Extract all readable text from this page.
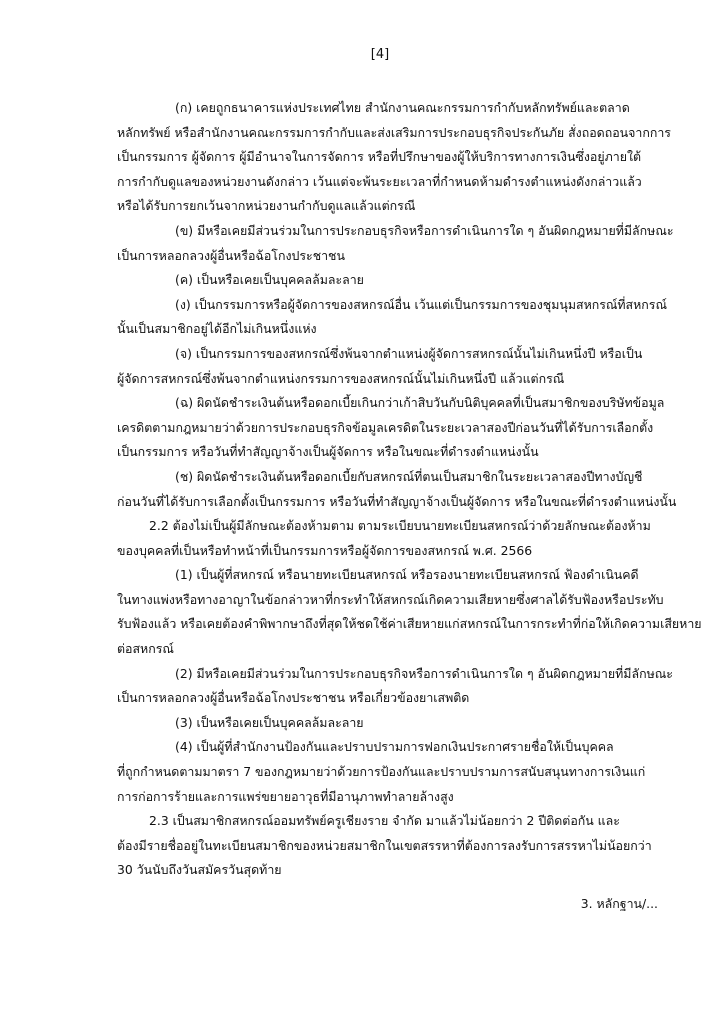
[4]

(ก) เคยถูกธนาคารแห่งประเทศไทย สำนักงานคณะกรรมการกำกับหลักทรัพย์และตลาด

หลักทรัพย์ หรือสำนักงานคณะกรรมการกำกับและส่งเสริมการประกอบธุรกิจประกันภัย สั่งถอดถอนจากการ

เป็นกรรมการ ผู้จัดการ ผู้มีอำนาจในการจัดการ หรือที่ปรึกษาของผู้ให้บริการทางการเงินซึ่งอยู่ภายใต้

การกำกับดูแลของหน่วยงานดังกล่าว เว้นแต่จะพ้นระยะเวลาที่กำหนดห้ามดำรงตำแหน่งดังกล่าวแล้ว

หรือได้รับการยกเว้นจากหน่วยงานกำกับดูแลแล้วแต่กรณี

(ข) มีหรือเคยมีส่วนร่วมในการประกอบธุรกิจหรือการดำเนินการใด ๆ อันผิดกฎหมายที่มีลักษณะ

เป็นการหลอกลวงผู้อื่นหรือฉ้อโกงประชาชน

(ค) เป็นหรือเคยเป็นบุคคลล้มละลาย

(ง) เป็นกรรมการหรือผู้จัดการของสหกรณ์อื่น เว้นแต่เป็นกรรมการของชุมนุมสหกรณ์ที่สหกรณ์

นั้นเป็นสมาชิกอยู่ได้อีกไม่เกินหนึ่งแห่ง

(จ) เป็นกรรมการของสหกรณ์ซึ่งพ้นจากตำแหน่งผู้จัดการสหกรณ์นั้นไม่เกินหนึ่งปี หรือเป็น

ผู้จัดการสหกรณ์ซึ่งพ้นจากตำแหน่งกรรมการของสหกรณ์นั้นไม่เกินหนึ่งปี แล้วแต่กรณี

(ฉ) ผิดนัดชำระเงินต้นหรือดอกเบี้ยเกินกว่าเก้าสิบวันกับนิติบุคคลที่เป็นสมาชิกของบริษัทข้อมูล

เครดิตตามกฎหมายว่าด้วยการประกอบธุรกิจข้อมูลเครดิตในระยะเวลาสองปีก่อนวันที่ได้รับการเลือกตั้ง

เป็นกรรมการ หรือวันที่ทำสัญญาจ้างเป็นผู้จัดการ หรือในขณะที่ดำรงตำแหน่งนั้น

(ช) ผิดนัดชำระเงินต้นหรือดอกเบี้ยกับสหกรณ์ที่ตนเป็นสมาชิกในระยะเวลาสองปีทางบัญชี

ก่อนวันที่ได้รับการเลือกตั้งเป็นกรรมการ หรือวันที่ทำสัญญาจ้างเป็นผู้จัดการ หรือในขณะที่ดำรงตำแหน่งนั้น

2.2 ต้องไม่เป็นผู้มีลักษณะต้องห้ามตาม ตามระเบียบนายทะเบียนสหกรณ์ว่าด้วยลักษณะต้องห้าม

ของบุคคลที่เป็นหรือทำหน้าที่เป็นกรรมการหรือผู้จัดการของสหกรณ์ พ.ศ. 2566

(1) เป็นผู้ที่สหกรณ์ หรือนายทะเบียนสหกรณ์ หรือรองนายทะเบียนสหกรณ์ ฟ้องดำเนินคดี

ในทางแพ่งหรือทางอาญาในข้อกล่าวหาที่กระทำให้สหกรณ์เกิดความเสียหายซึ่งศาลได้รับฟ้องหรือประทับ

รับฟ้องแล้ว หรือเคยต้องคำพิพากษาถึงที่สุดให้ชดใช้ค่าเสียหายแก่สหกรณ์ในการกระทำที่ก่อให้เกิดความเสียหาย

ต่อสหกรณ์

(2) มีหรือเคยมีส่วนร่วมในการประกอบธุรกิจหรือการดำเนินการใด ๆ อันผิดกฎหมายที่มีลักษณะ

เป็นการหลอกลวงผู้อื่นหรือฉ้อโกงประชาชน หรือเกี่ยวข้องยาเสพติด

(3) เป็นหรือเคยเป็นบุคคลล้มละลาย

(4) เป็นผู้ที่สำนักงานป้องกันและปราบปรามการฟอกเงินประกาศรายชื่อให้เป็นบุคคล

ที่ถูกกำหนดตามมาตรา 7 ของกฎหมายว่าด้วยการป้องกันและปราบปรามการสนับสนุนทางการเงินแก่

การก่อการร้ายและการแพร่ขยายอาวุธที่มีอานุภาพทำลายล้างสูง

2.3 เป็นสมาชิกสหกรณ์ออมทรัพย์ครูเชียงราย จำกัด มาแล้วไม่น้อยกว่า 2 ปีติดต่อกัน และ

ต้องมีรายชื่ออยู่ในทะเบียนสมาชิกของหน่วยสมาชิกในเขตสรรหาที่ต้องการลงรับการสรรหาไม่น้อยกว่า

30 วันนับถึงวันสมัครวันสุดท้าย

3. หลักฐาน/...
